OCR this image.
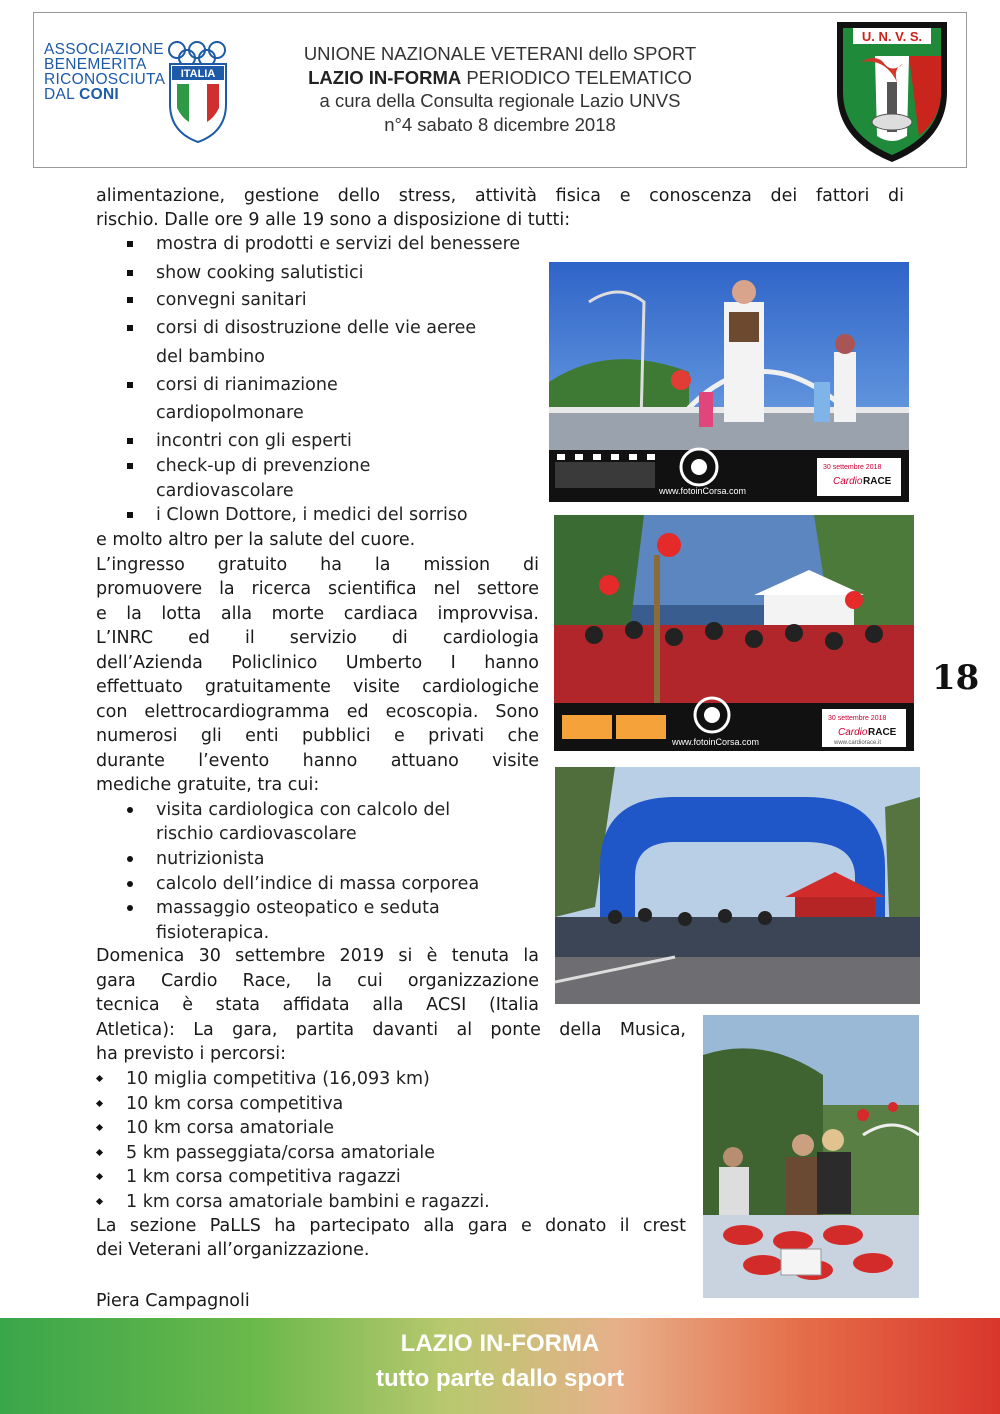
ASSOCIAZIONE
BENEMERITA
RICONOSCIUTA
DAL CONI
ITALIA
UNIONE NAZIONALE VETERANI dello SPORT
LAZIO IN-FORMA PERIODICO TELEMATICO
a cura della Consulta regionale Lazio UNVS
n°4 sabato 8 dicembre 2018
U. N. V. S.
alimentazione, gestione dello stress, attività fisica e conoscenza dei fattori di
rischio. Dalle ore 9 alle 19 sono a disposizione di tutti:
mostra di prodotti e servizi del benessere
show cooking salutistici
convegni sanitari
corsi di disostruzione delle vie aeree
del bambino
corsi di rianimazione
cardiopolmonare
incontri con gli esperti
check-up di prevenzione
cardiovascolare
i Clown Dottore, i medici del sorriso
e molto altro per la salute del cuore.
L’ingresso gratuito ha la mission di
promuovere la ricerca scientifica nel settore
e la lotta alla morte cardiaca improvvisa.
L’INRC ed il servizio di cardiologia
dell’Azienda Policlinico Umberto I hanno
effettuato gratuitamente visite cardiologiche
con elettrocardiogramma ed ecoscopia. Sono
numerosi gli enti pubblici e privati che
durante l’evento hanno attuano visite
mediche gratuite, tra cui:
visita cardiologica con calcolo del
rischio cardiovascolare
nutrizionista
calcolo dell’indice di massa corporea
massaggio osteopatico e seduta
fisioterapica.
Domenica 30 settembre 2019 si è tenuta la
gara Cardio Race, la cui organizzazione
tecnica è stata affidata alla ACSI (Italia
Atletica): La gara, partita davanti al ponte della Musica,
ha previsto i percorsi:
10 miglia competitiva (16,093 km)
10 km corsa competitiva
10 km corsa amatoriale
5 km passeggiata/corsa amatoriale
1 km corsa competitiva ragazzi
1 km corsa amatoriale bambini e ragazzi.
La sezione PaLLS ha partecipato alla gara e donato il crest
dei Veterani all’organizzazione.
Piera Campagnoli
www.fotoinCorsa.com
30 settembre 2018
Cardio RACE
www.fotoinCorsa.com
30 settembre 2018
Cardio RACE
www.cardiorace.it
18
LAZIO IN-FORMA
tutto parte dallo sport
